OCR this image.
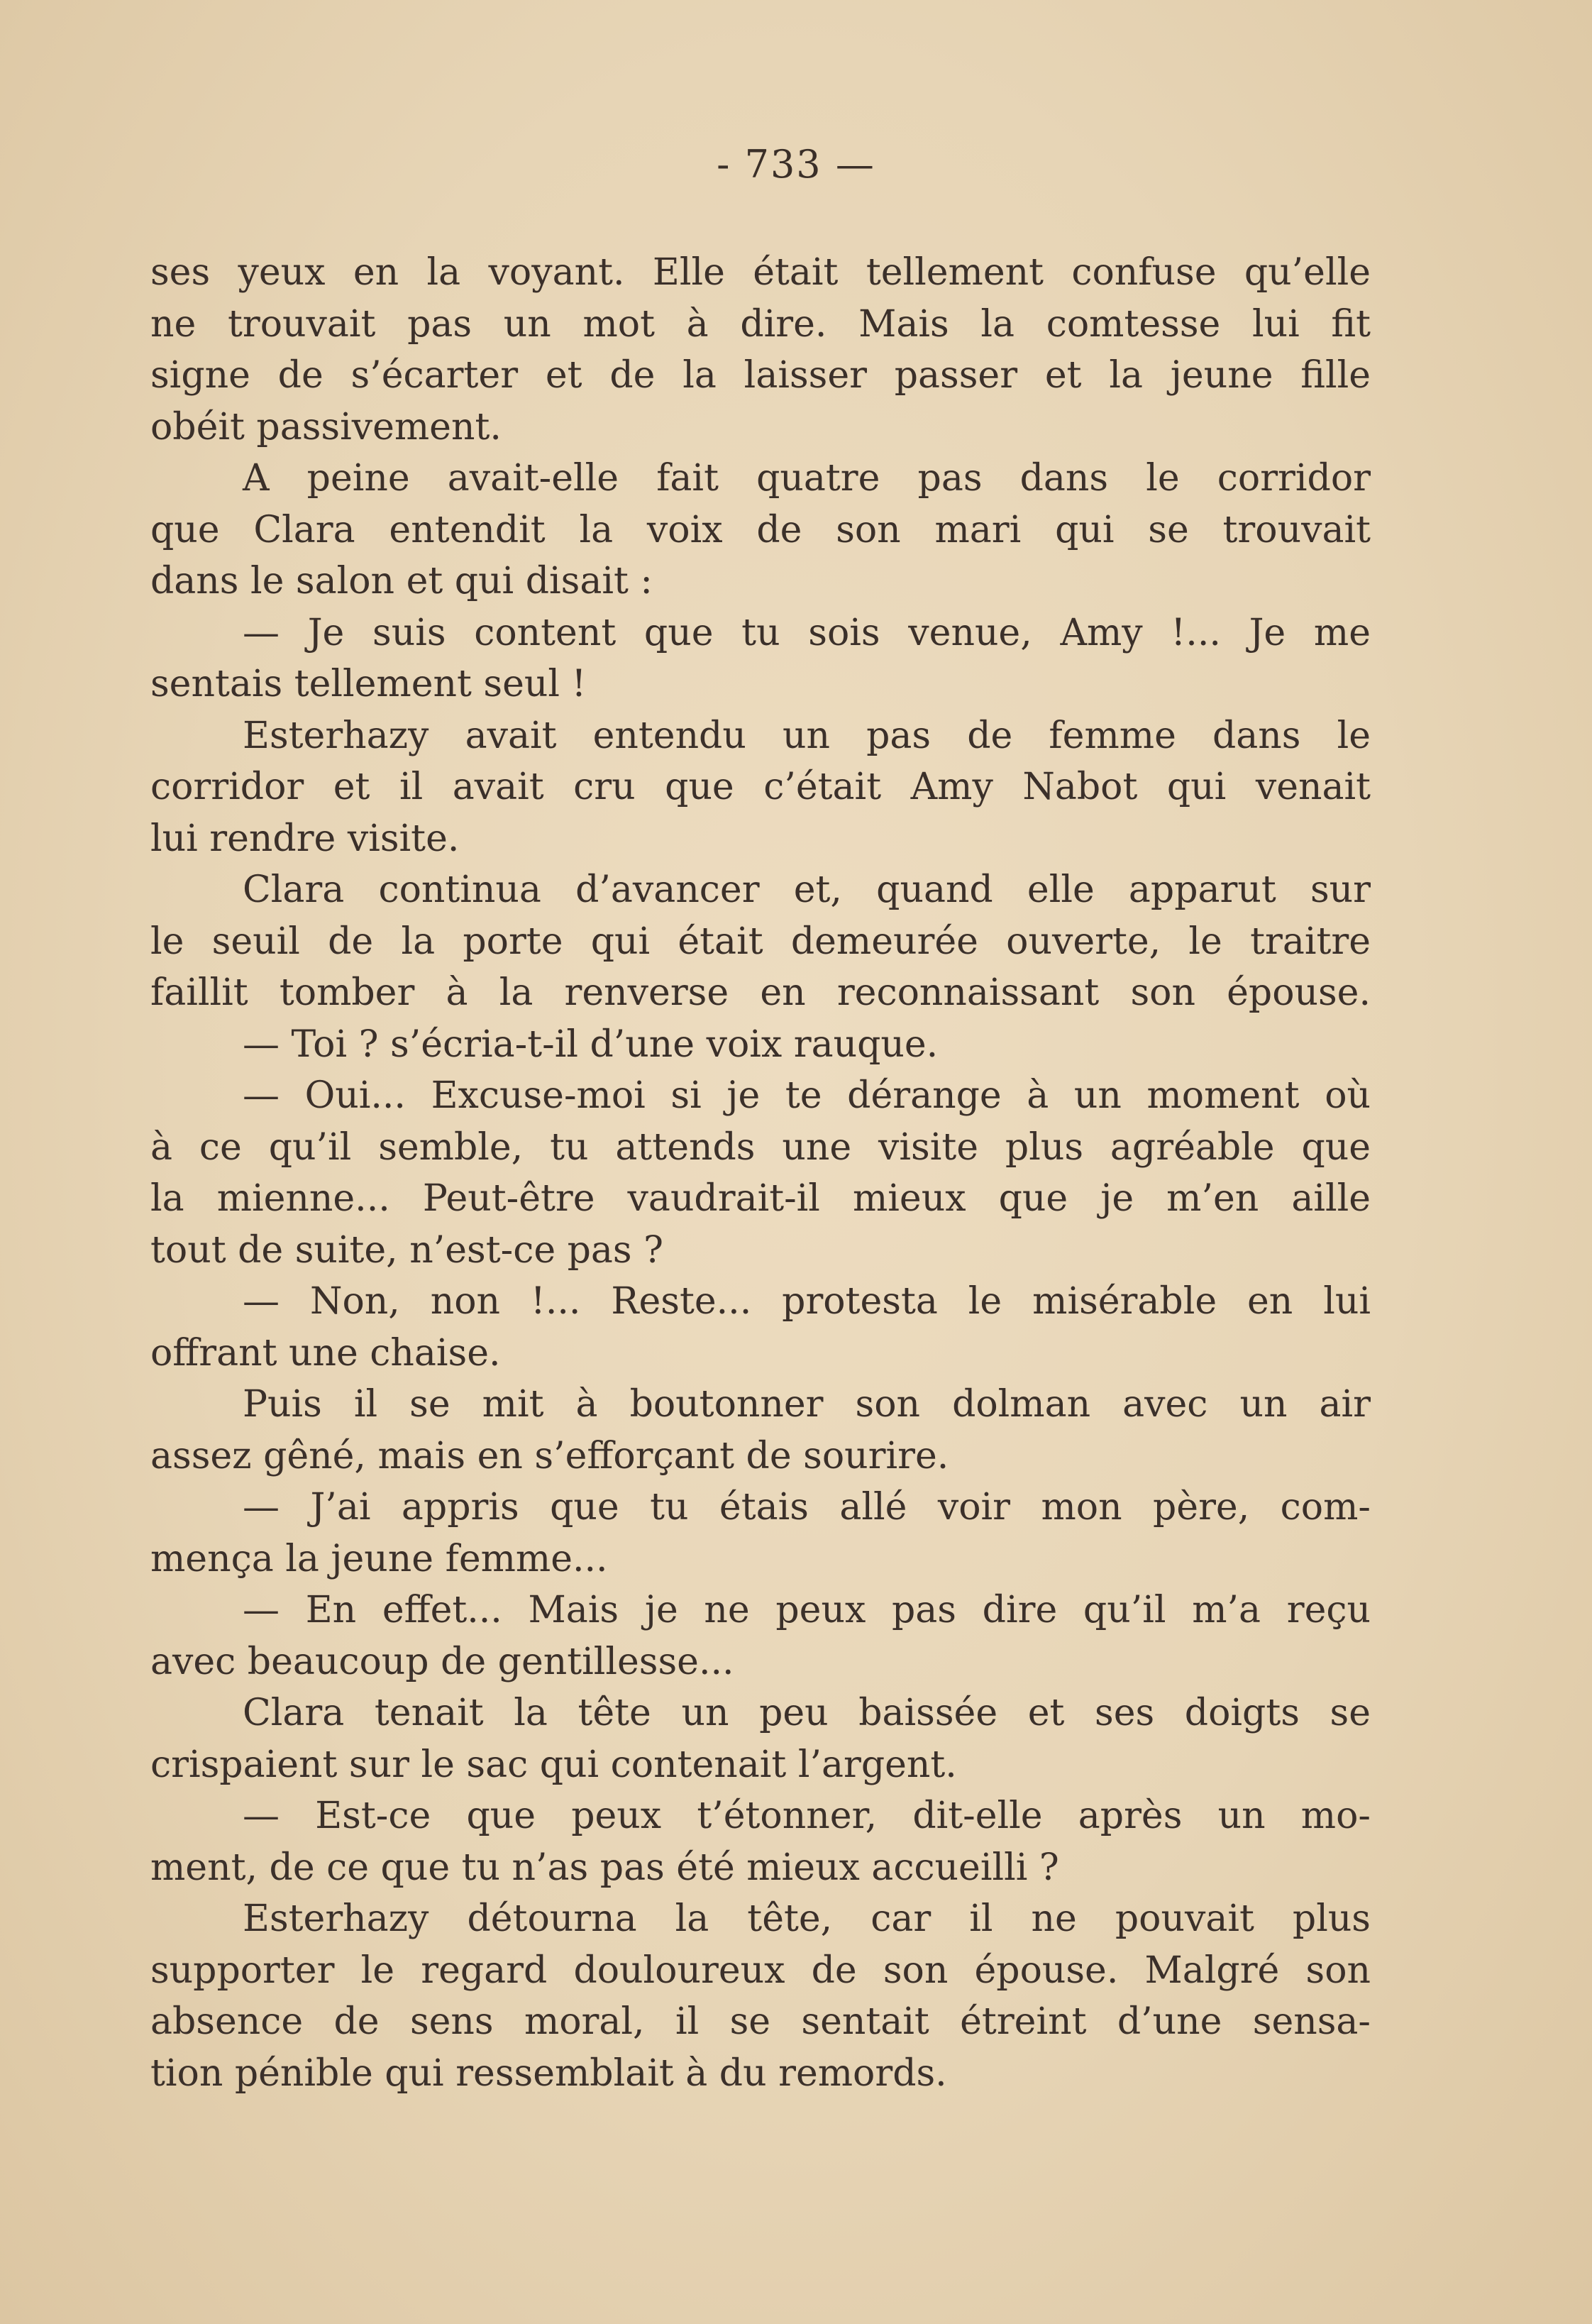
- 733 —
ses yeux en la voyant. Elle était tellement confuse qu’elle
ne trouvait pas un mot à dire. Mais la comtesse lui fit
signe de s’écarter et de la laisser passer et la jeune fille
obéit passivement.
A peine avait-elle fait quatre pas dans le corridor
que Clara entendit la voix de son mari qui se trouvait
dans le salon et qui disait :
— Je suis content que tu sois venue, Amy !... Je me
sentais tellement seul !
Esterhazy avait entendu un pas de femme dans le
corridor et il avait cru que c’était Amy Nabot qui venait
lui rendre visite.
Clara continua d’avancer et, quand elle apparut sur
le seuil de la porte qui était demeurée ouverte, le traitre
faillit tomber à la renverse en reconnaissant son épouse.
— Toi ? s’écria-t-il d’une voix rauque.
— Oui... Excuse-moi si je te dérange à un moment où
à ce qu’il semble, tu attends une visite plus agréable que
la mienne... Peut-être vaudrait-il mieux que je m’en aille
tout de suite, n’est-ce pas ?
— Non, non !... Reste... protesta le misérable en lui
offrant une chaise.
Puis il se mit à boutonner son dolman avec un air
assez gêné, mais en s’efforçant de sourire.
— J’ai appris que tu étais allé voir mon père, com-
mença la jeune femme...
— En effet... Mais je ne peux pas dire qu’il m’a reçu
avec beaucoup de gentillesse...
Clara tenait la tête un peu baissée et ses doigts se
crispaient sur le sac qui contenait l’argent.
— Est-ce que peux t’étonner, dit-elle après un mo-
ment, de ce que tu n’as pas été mieux accueilli ?
Esterhazy détourna la tête, car il ne pouvait plus
supporter le regard douloureux de son épouse. Malgré son
absence de sens moral, il se sentait étreint d’une sensa-
tion pénible qui ressemblait à du remords.
